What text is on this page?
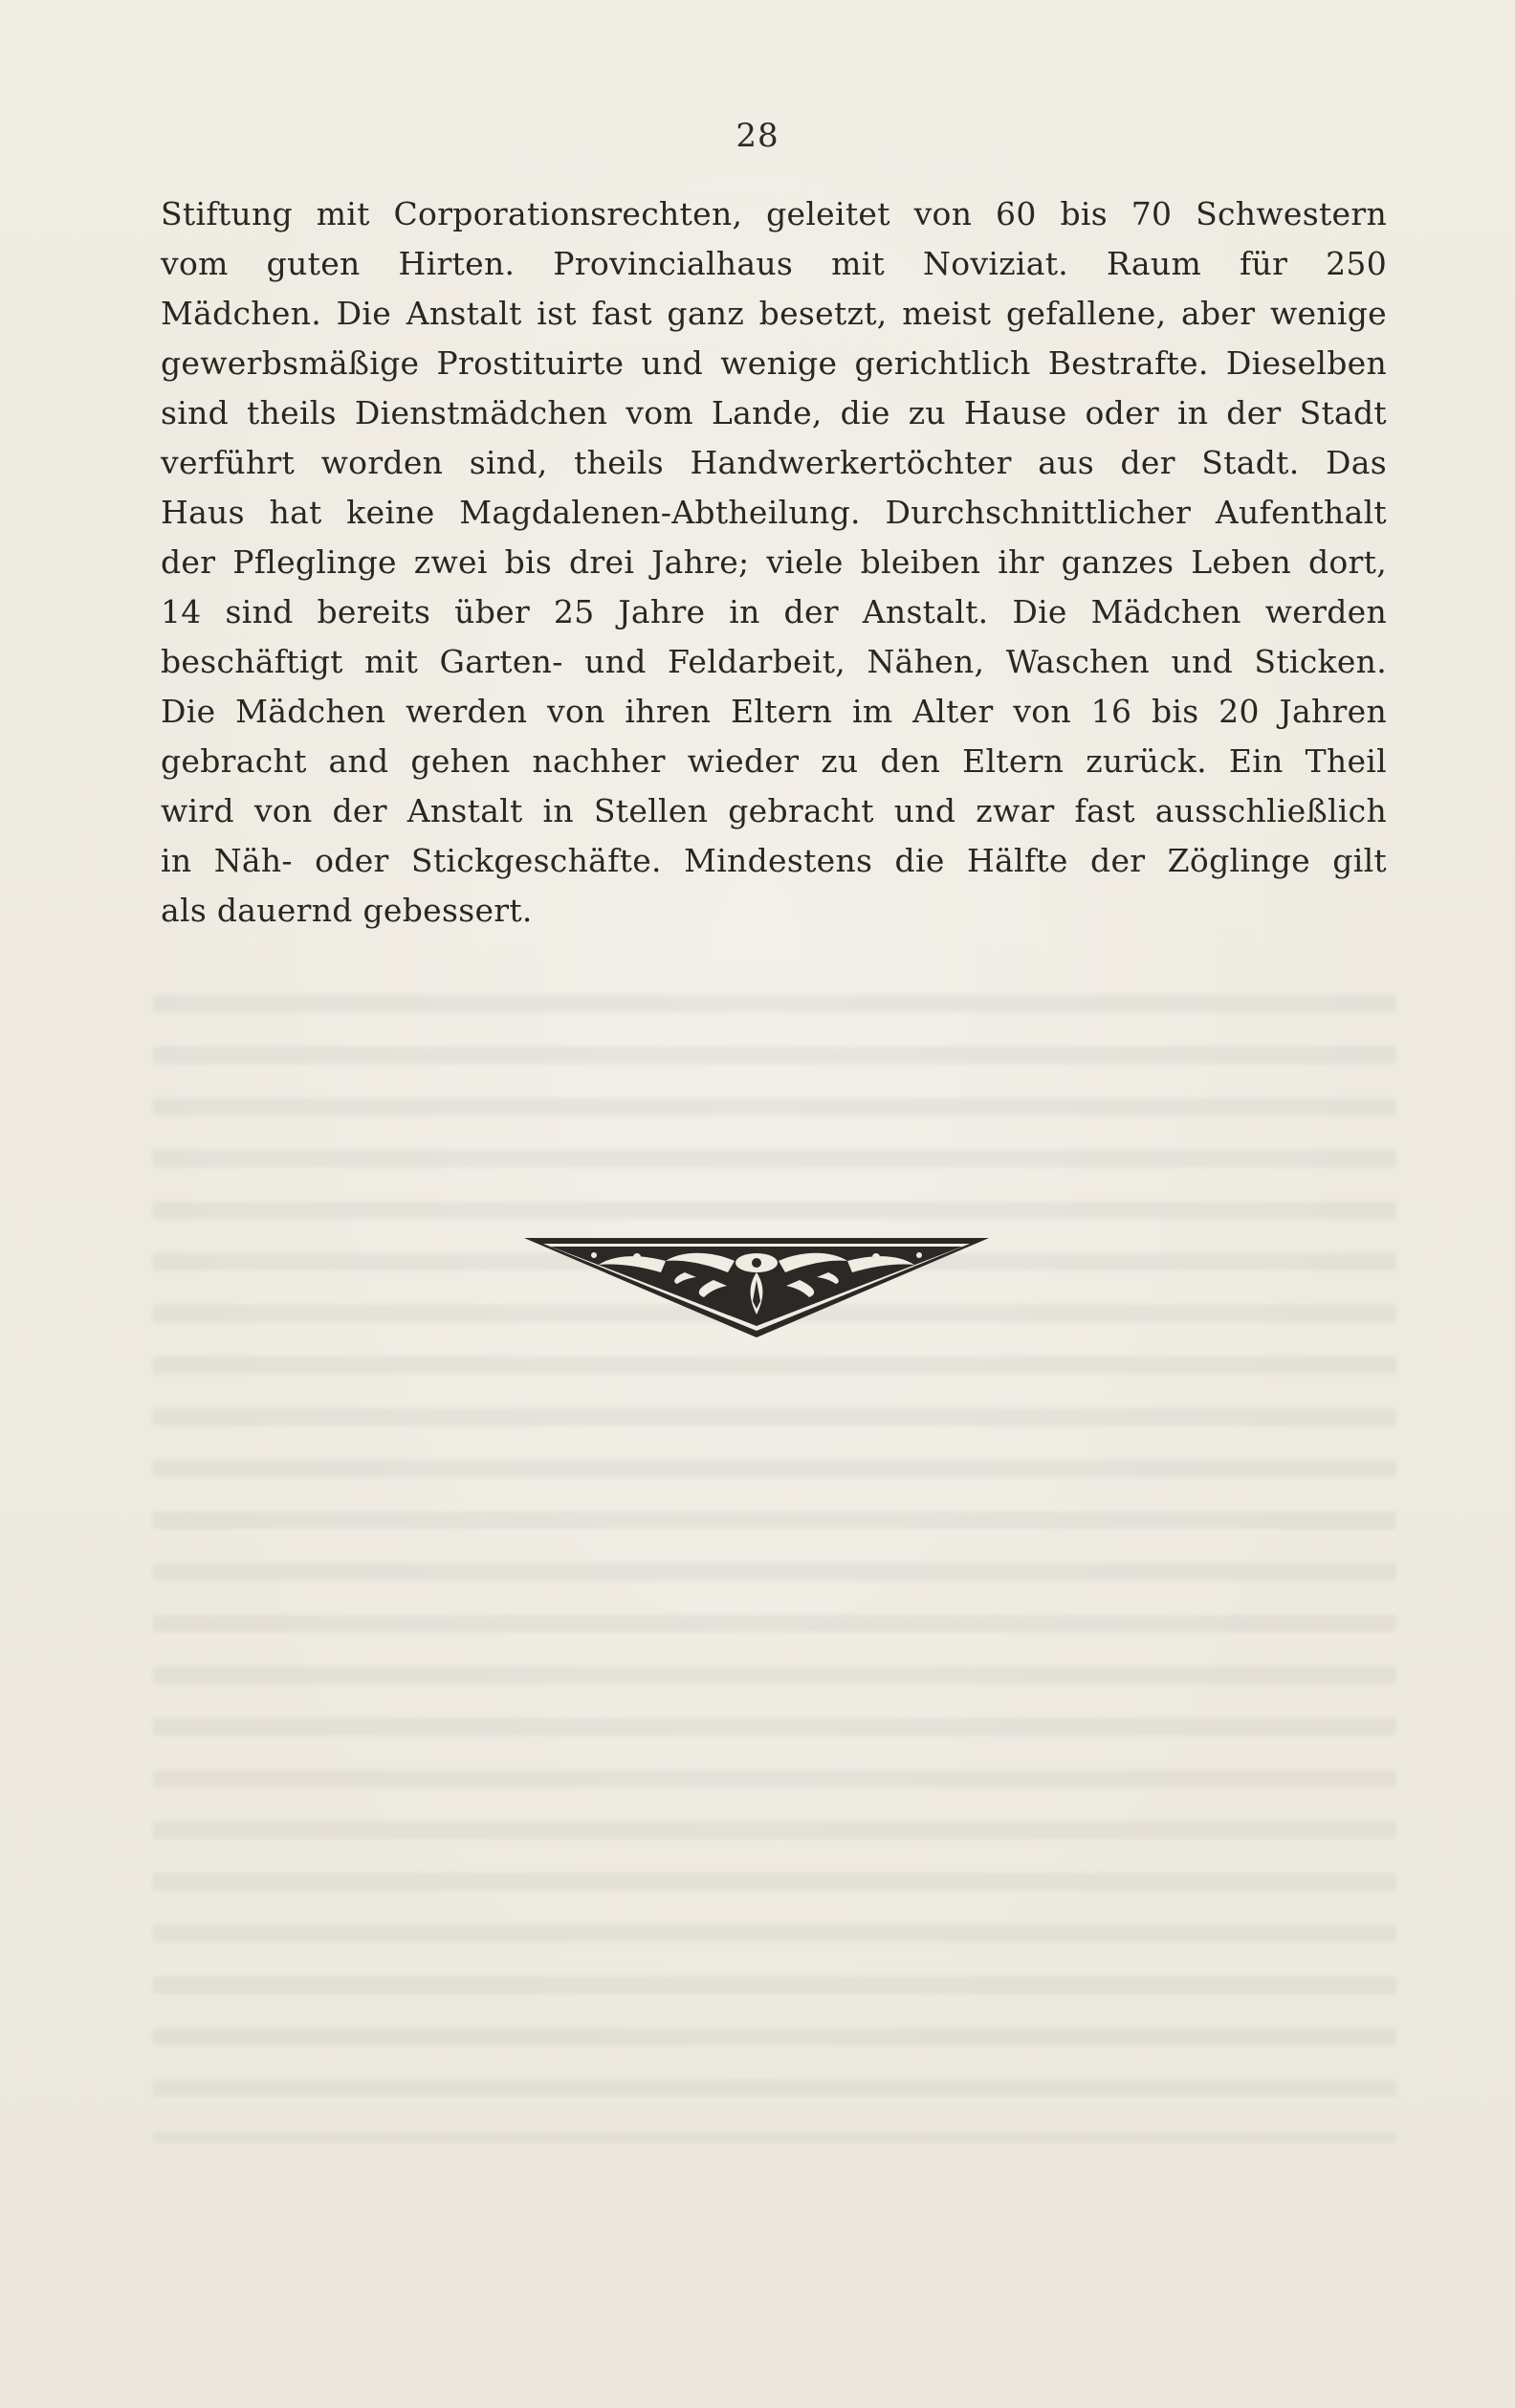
28
Stiftung mit Corporationsrechten, geleitet von 60 bis 70 Schwestern
vom guten Hirten. Provincialhaus mit Noviziat. Raum für 250
Mädchen. Die Anstalt ist fast ganz besetzt, meist gefallene, aber wenige
gewerbsmäßige Prostituirte und wenige gerichtlich Bestrafte. Dieselben
sind theils Dienstmädchen vom Lande, die zu Hause oder in der Stadt
verführt worden sind, theils Handwerkertöchter aus der Stadt. Das
Haus hat keine Magdalenen-Abtheilung. Durchschnittlicher Aufenthalt
der Pfleglinge zwei bis drei Jahre; viele bleiben ihr ganzes Leben dort,
14 sind bereits über 25 Jahre in der Anstalt. Die Mädchen werden
beschäftigt mit Garten- und Feldarbeit, Nähen, Waschen und Sticken.
Die Mädchen werden von ihren Eltern im Alter von 16 bis 20 Jahren
gebracht and gehen nachher wieder zu den Eltern zurück. Ein Theil
wird von der Anstalt in Stellen gebracht und zwar fast ausschließlich
in Näh- oder Stickgeschäfte. Mindestens die Hälfte der Zöglinge gilt
als dauernd gebessert.
